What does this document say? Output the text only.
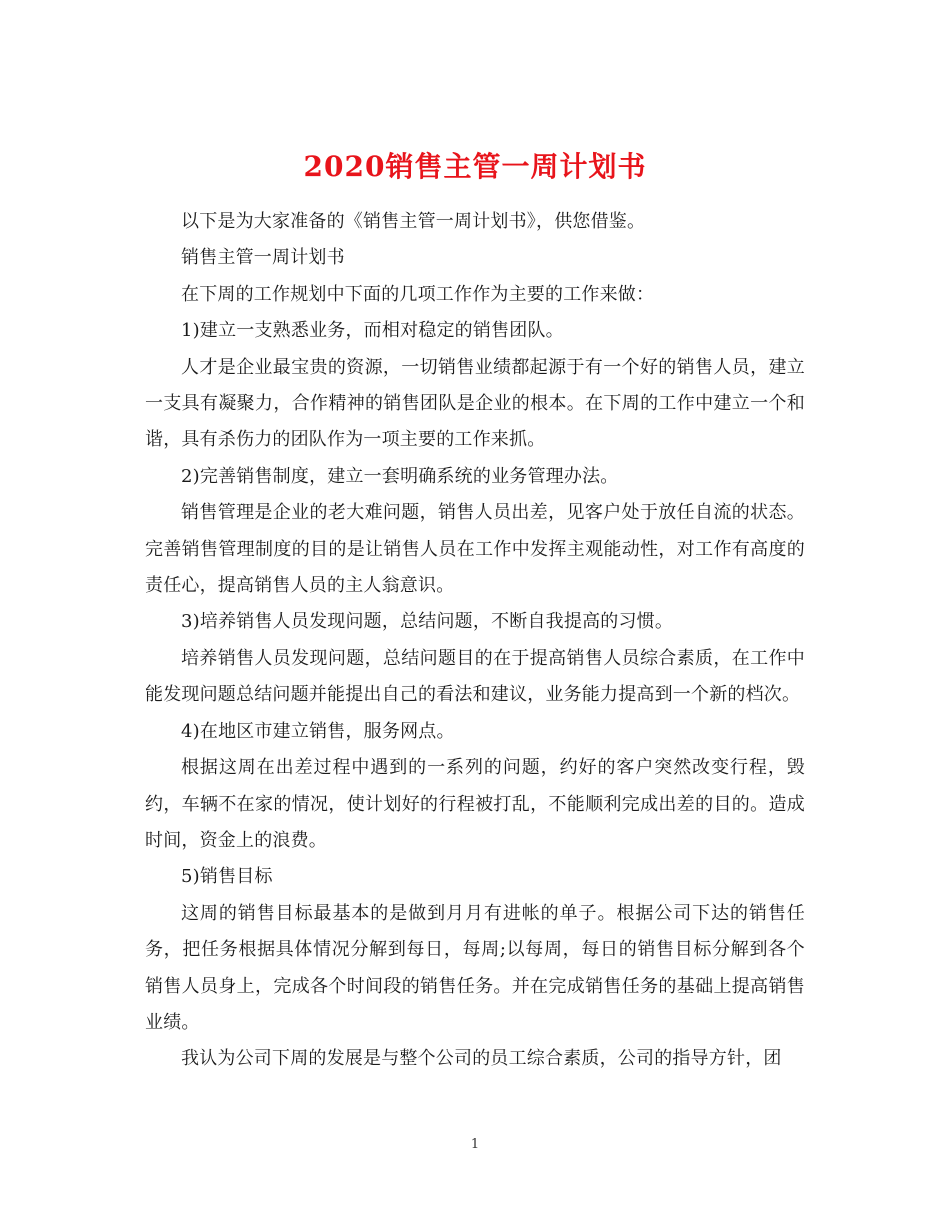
2020销售主管一周计划书

以下是为大家准备的《销售主管一周计划书》，供您借鉴。

销售主管一周计划书

在下周的工作规划中下面的几项工作作为主要的工作来做：

1)建立一支熟悉业务，而相对稳定的销售团队。

人才是企业最宝贵的资源，一切销售业绩都起源于有一个好的销售人员，建立一支具有凝聚力，合作精神的销售团队是企业的根本。在下周的工作中建立一个和谐，具有杀伤力的团队作为一项主要的工作来抓。

2)完善销售制度，建立一套明确系统的业务管理办法。

销售管理是企业的老大难问题，销售人员出差，见客户处于放任自流的状态。完善销售管理制度的目的是让销售人员在工作中发挥主观能动性，对工作有高度的责任心，提高销售人员的主人翁意识。

3)培养销售人员发现问题，总结问题，不断自我提高的习惯。

培养销售人员发现问题，总结问题目的在于提高销售人员综合素质，在工作中能发现问题总结问题并能提出自己的看法和建议，业务能力提高到一个新的档次。

4)在地区市建立销售，服务网点。

根据这周在出差过程中遇到的一系列的问题，约好的客户突然改变行程，毁约，车辆不在家的情况，使计划好的行程被打乱，不能顺利完成出差的目的。造成时间，资金上的浪费。

5)销售目标

这周的销售目标最基本的是做到月月有进帐的单子。根据公司下达的销售任务，把任务根据具体情况分解到每日，每周;以每周，每日的销售目标分解到各个销售人员身上，完成各个时间段的销售任务。并在完成销售任务的基础上提高销售业绩。

我认为公司下周的发展是与整个公司的员工综合素质，公司的指导方针，团

1
